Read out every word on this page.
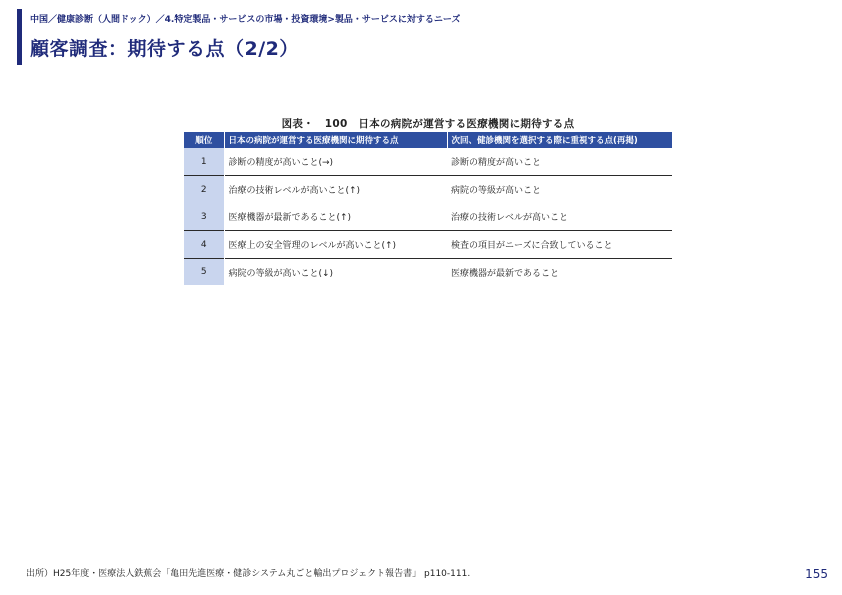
中国／健康診断（人間ドック）／4.特定製品・サービスの市場・投資環境>製品・サービスに対するニーズ
顧客調査：期待する点（2/2）
図表・　100　日本の病院が運営する医療機関に期待する点
順位	日本の病院が運営する医療機関に期待する点	次回、健診機関を選択する際に重視する点(再掲)
1	診断の精度が高いこと(→)	診断の精度が高いこと
2	治療の技術レベルが高いこと(↑)	病院の等級が高いこと
3	医療機器が最新であること(↑)	治療の技術レベルが高いこと
4	医療上の安全管理のレベルが高いこと(↑)	検査の項目がニーズに合致していること
5	病院の等級が高いこと(↓)	医療機器が最新であること
出所）H25年度・医療法人鉄蕉会「亀田先進医療・健診システム丸ごと輸出プロジェクト報告書」 p110-111.	155
